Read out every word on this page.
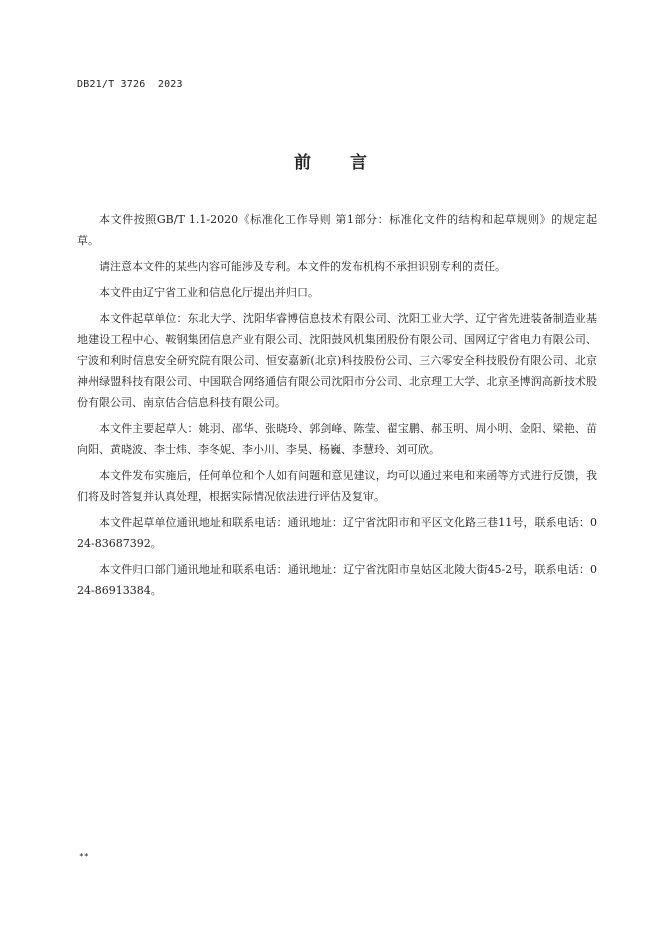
DB21/T 3726  2023
前 言

本文件按照GB/T 1.1-2020《标准化工作导则 第1部分：标准化文件的结构和起草规则》的规定起草。

请注意本文件的某些内容可能涉及专利。本文件的发布机构不承担识别专利的责任。

本文件由辽宁省工业和信息化厅提出并归口。

本文件起草单位：东北大学、沈阳华睿博信息技术有限公司、沈阳工业大学、辽宁省先进装备制造业基地建设工程中心、鞍钢集团信息产业有限公司、沈阳鼓风机集团股份有限公司、国网辽宁省电力有限公司、宁波和利时信息安全研究院有限公司、恒安嘉新(北京)科技股份公司、三六零安全科技股份有限公司、北京神州绿盟科技有限公司、中国联合网络通信有限公司沈阳市分公司、北京理工大学、北京圣博润高新技术股份有限公司、南京估合信息科技有限公司。

本文件主要起草人：姚羽、邵华、张晓玲、郭剑峰、陈莹、翟宝鹏、郝玉明、周小明、金阳、梁艳、苗向阳、黄晓波、李士炜、李冬妮、李小川、李昊、杨巍、李慧玲、刘可欣。

本文件发布实施后，任何单位和个人如有问题和意见建议，均可以通过来电和来函等方式进行反馈，我们将及时答复并认真处理，根据实际情况依法进行评估及复审。

本文件起草单位通讯地址和联系电话：通讯地址：辽宁省沈阳市和平区文化路三巷11号，联系电话：024-83687392。

本文件归口部门通讯地址和联系电话：通讯地址：辽宁省沈阳市皇姑区北陵大街45-2号，联系电话：024-86913384。

**
